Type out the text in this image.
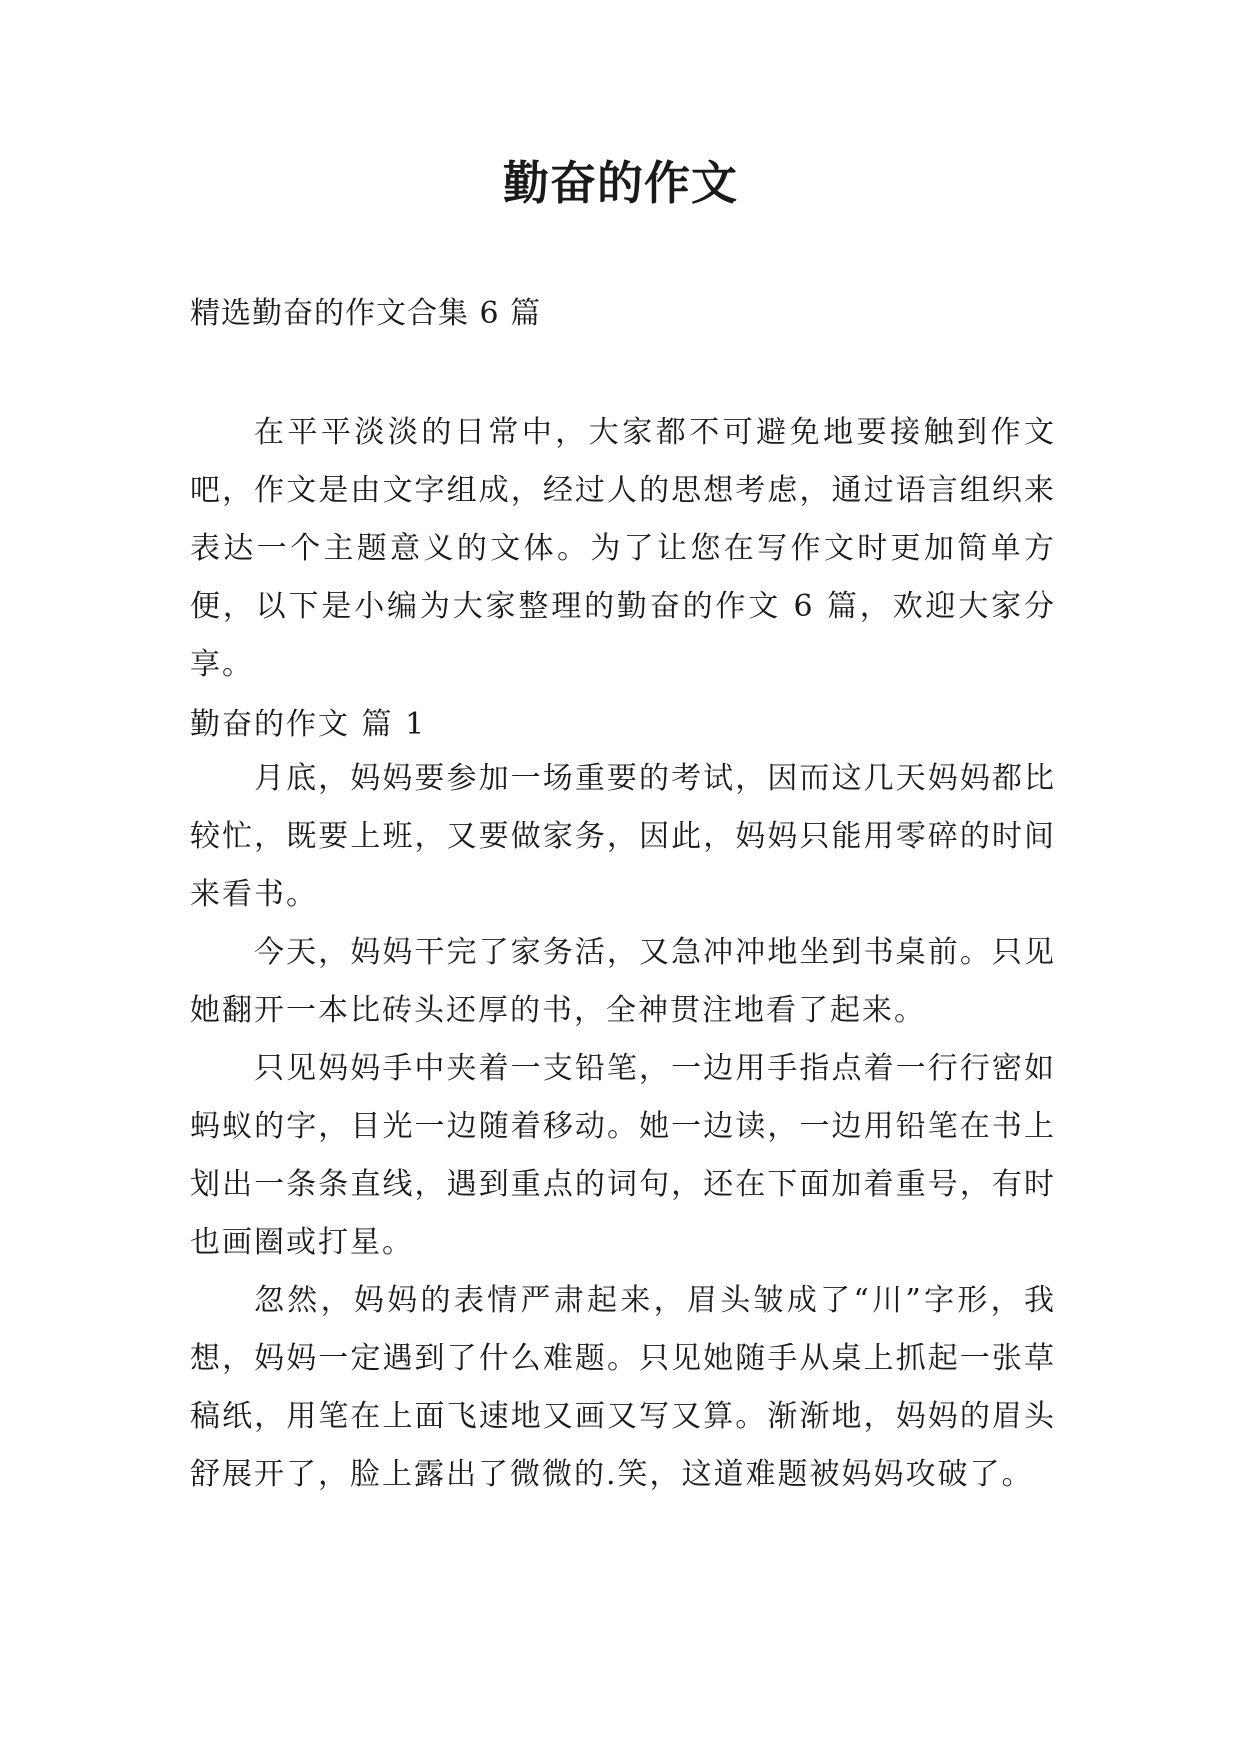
勤奋的作文
精选勤奋的作文合集 6 篇
在平平淡淡的日常中，大家都不可避免地要接触到作文吧，作文是由文字组成，经过人的思想考虑，通过语言组织来表达一个主题意义的文体。为了让您在写作文时更加简单方便，以下是小编为大家整理的勤奋的作文 6 篇，欢迎大家分享。
勤奋的作文 篇 1
月底，妈妈要参加一场重要的考试，因而这几天妈妈都比较忙，既要上班，又要做家务，因此，妈妈只能用零碎的时间来看书。
今天，妈妈干完了家务活，又急冲冲地坐到书桌前。只见她翻开一本比砖头还厚的书，全神贯注地看了起来。
只见妈妈手中夹着一支铅笔，一边用手指点着一行行密如蚂蚁的字，目光一边随着移动。她一边读，一边用铅笔在书上划出一条条直线，遇到重点的词句，还在下面加着重号，有时也画圈或打星。
忽然，妈妈的表情严肃起来，眉头皱成了“川”字形，我想，妈妈一定遇到了什么难题。只见她随手从桌上抓起一张草稿纸，用笔在上面飞速地又画又写又算。渐渐地，妈妈的眉头舒展开了，脸上露出了微微的.笑，这道难题被妈妈攻破了。
